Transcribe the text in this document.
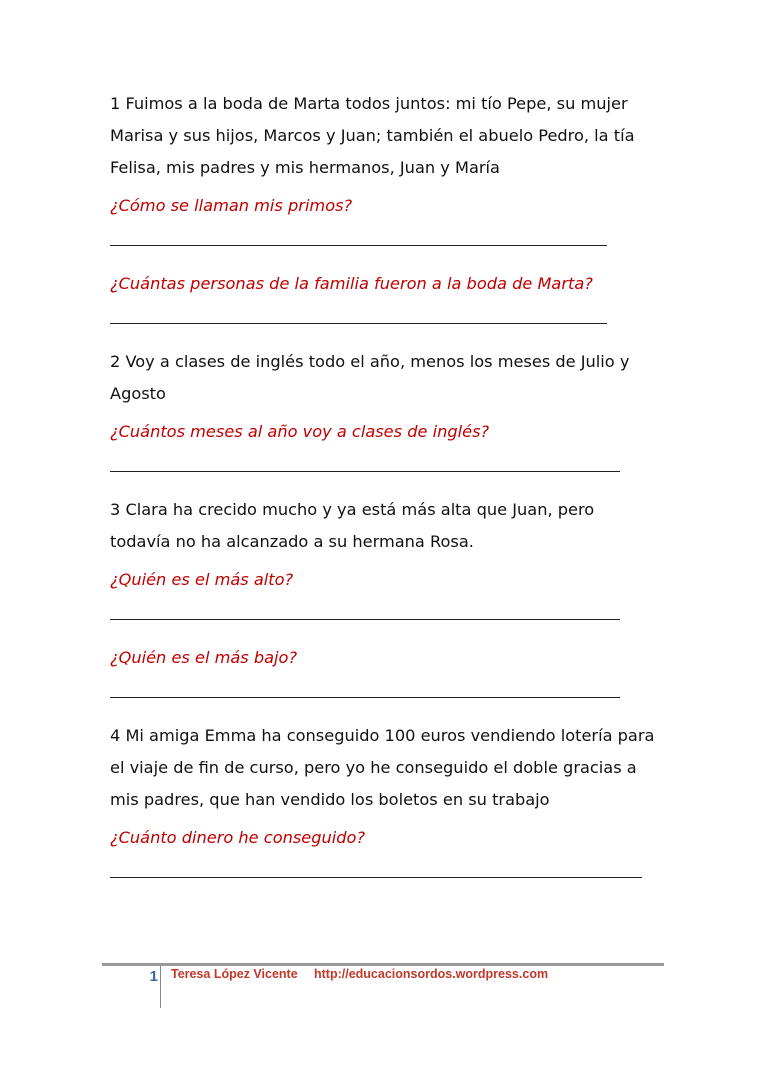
1 Fuimos a la boda de Marta todos juntos: mi tío Pepe, su mujer

Marisa y sus hijos, Marcos y Juan; también el abuelo Pedro, la tía

Felisa, mis padres y mis hermanos, Juan y María

¿Cómo se llaman mis primos?

¿Cuántas personas de la familia fueron a la boda de Marta?

2 Voy a clases de inglés todo el año, menos los meses de Julio y

Agosto

¿Cuántos meses al año voy a clases de inglés?

3 Clara ha crecido mucho y ya está más alta que Juan, pero

todavía no ha alcanzado a su hermana Rosa.

¿Quién es el más alto?

¿Quién es el más bajo?

4 Mi amiga Emma ha conseguido 100 euros vendiendo lotería para

el viaje de fin de curso, pero yo he conseguido el doble gracias a

mis padres, que han vendido los boletos en su trabajo

¿Cuánto dinero he conseguido?

1 Teresa López Vicente http://educacionsordos.wordpress.com
